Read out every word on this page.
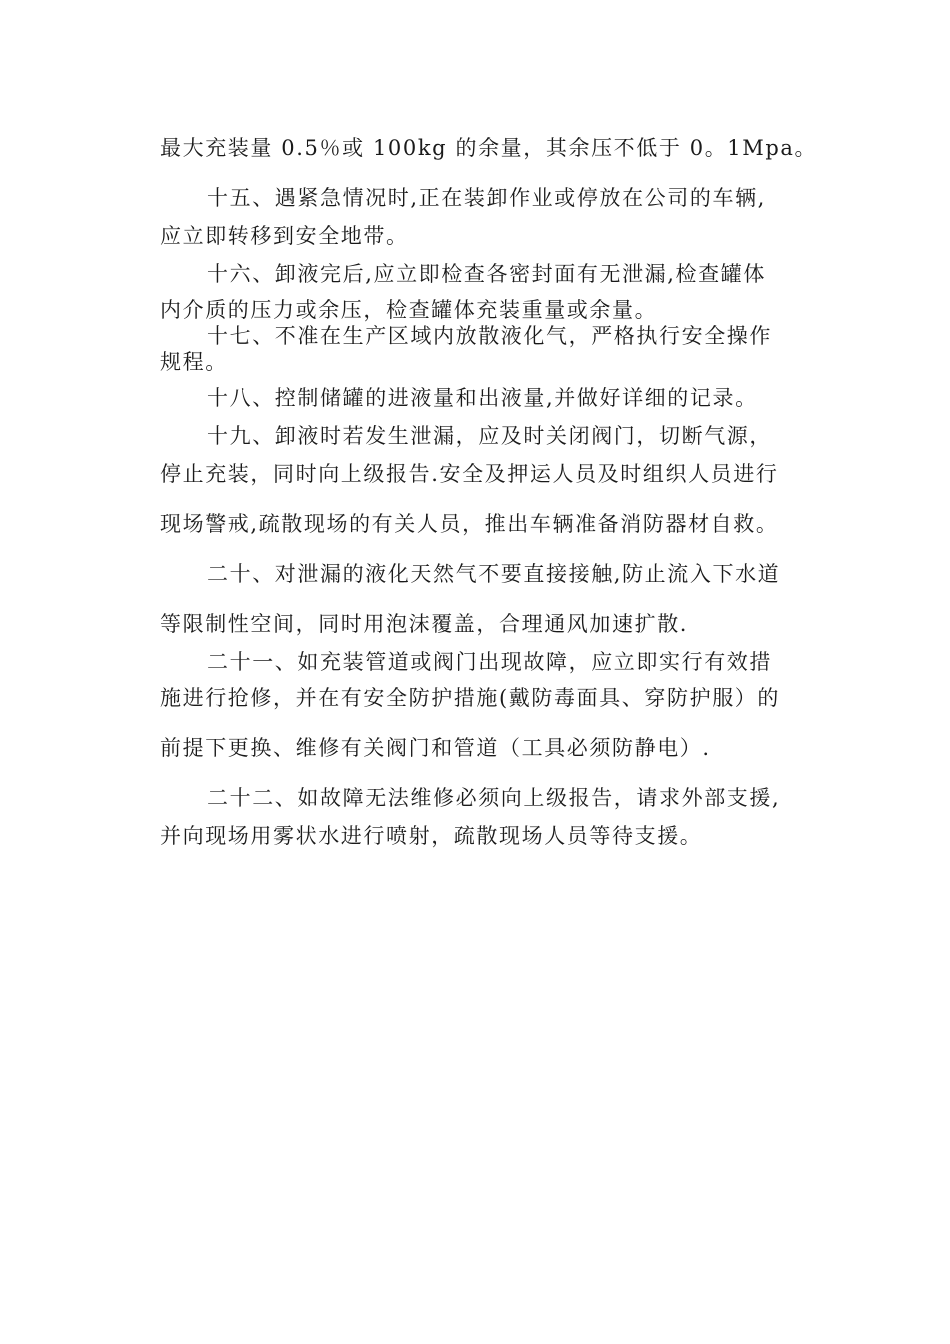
最大充装量 0.5％或 100kg 的余量，其余压不低于 0。1Mpa。
十五、遇紧急情况时,正在装卸作业或停放在公司的车辆,
应立即转移到安全地带。
十六、卸液完后,应立即检查各密封面有无泄漏,检查罐体
内介质的压力或余压，检查罐体充装重量或余量。
十七、不准在生产区域内放散液化气，严格执行安全操作
规程。
十八、控制储罐的进液量和出液量,并做好详细的记录。
十九、卸液时若发生泄漏，应及时关闭阀门，切断气源，
停止充装，同时向上级报告.安全及押运人员及时组织人员进行
现场警戒,疏散现场的有关人员，推出车辆准备消防器材自救。
二十、对泄漏的液化天然气不要直接接触,防止流入下水道
等限制性空间，同时用泡沫覆盖，合理通风加速扩散.
二十一、如充装管道或阀门出现故障，应立即实行有效措
施进行抢修，并在有安全防护措施(戴防毒面具、穿防护服）的
前提下更换、维修有关阀门和管道（工具必须防静电）.
二十二、如故障无法维修必须向上级报告，请求外部支援,
并向现场用雾状水进行喷射，疏散现场人员等待支援。
